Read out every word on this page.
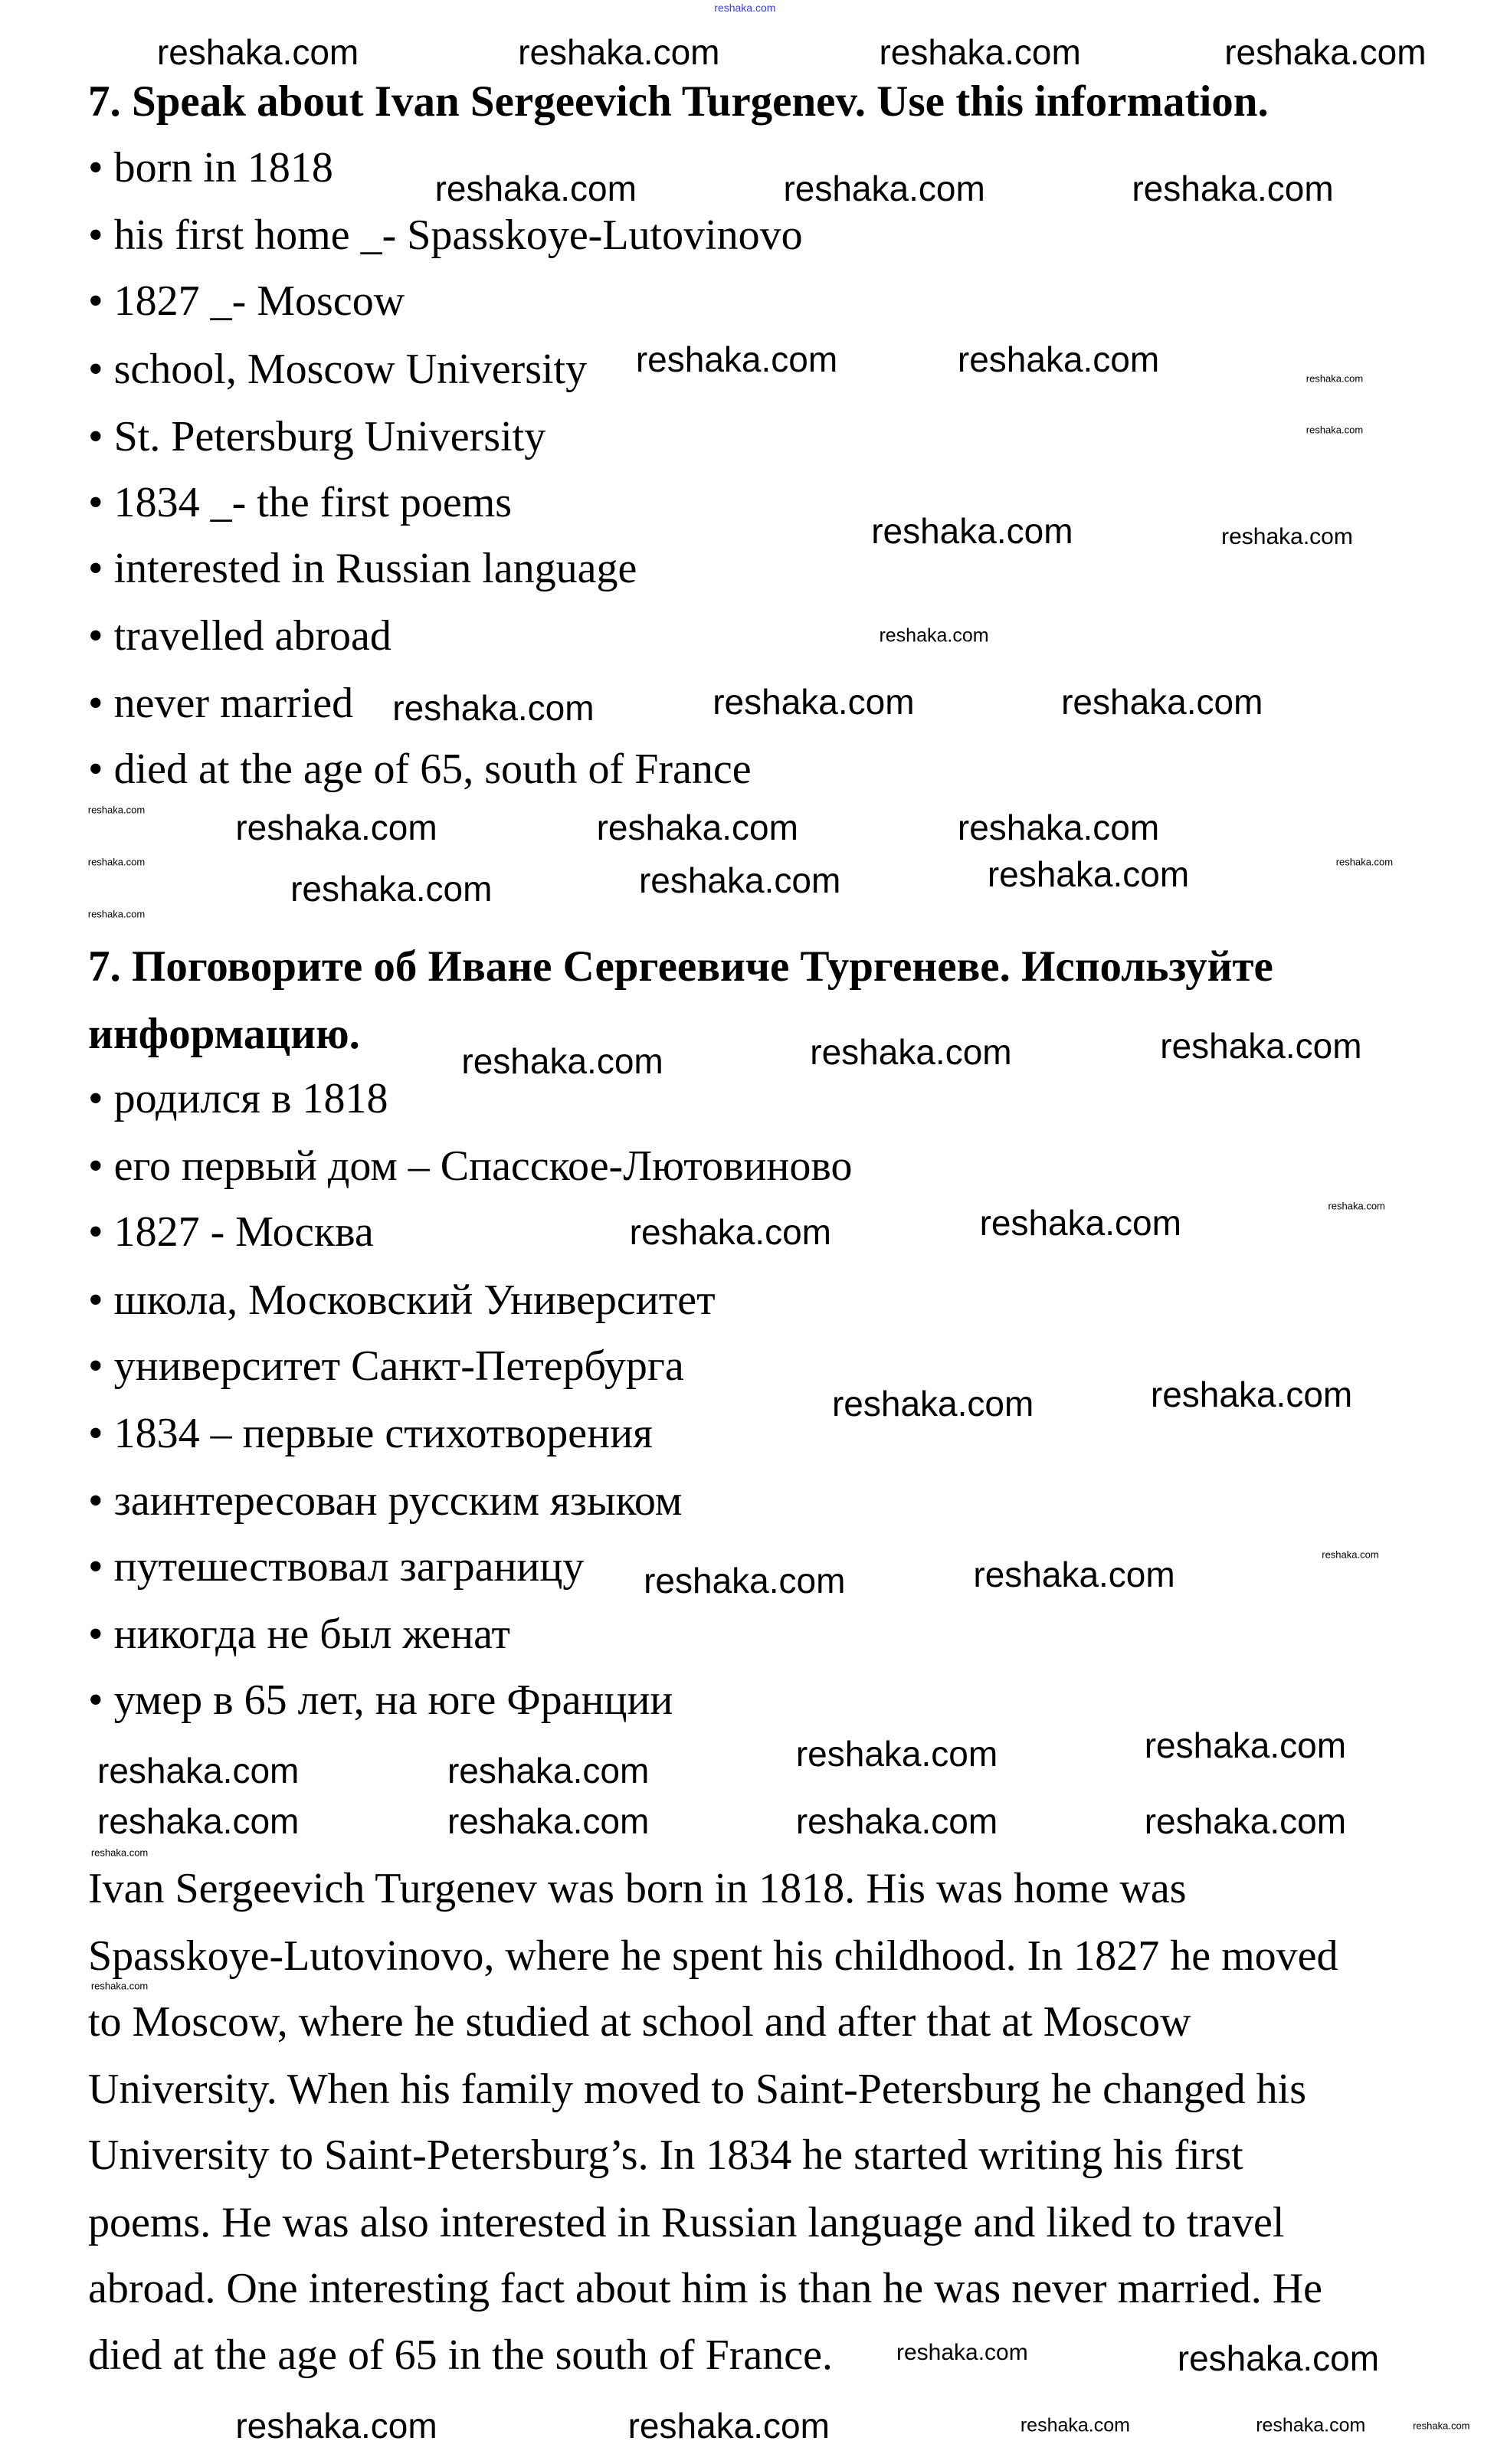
7. Speak about Ivan Sergeevich Turgenev. Use this information.
• born in 1818
• his first home _- Spasskoye-Lutovinovo
• 1827 _- Moscow
• school, Moscow University
• St. Petersburg University
• 1834 _- the first poems
• interested in Russian language
• travelled abroad
• never married
• died at the age of 65, south of France
7. Поговорите об Иване Сергеевиче Тургеневе. Используйте
информацию.
• родился в 1818
• его первый дом – Спасское-Лютовиново
• 1827 - Москва
• школа, Московский Университет
• университет Санкт-Петербурга
• 1834 – первые стихотворения
• заинтересован русским языком
• путешествовал заграницу
• никогда не был женат
• умер в 65 лет, на юге Франции
Ivan Sergeevich Turgenev was born in 1818. His was home was
Spasskoye-Lutovinovo, where he spent his childhood. In 1827 he moved
to Moscow, where he studied at school and after that at Moscow
University. When his family moved to Saint-Petersburg he changed his
University to Saint-Petersburg’s. In 1834 he started writing his first
poems. He was also interested in Russian language and liked to travel
abroad. One interesting fact about him is than he was never married. He
died at the age of 65 in the south of France.
reshaka.com
reshaka.com	reshaka.com	reshaka.com	reshaka.com
reshaka.com	reshaka.com	reshaka.com
reshaka.com	reshaka.com
reshaka.com
reshaka.com	reshaka.com	reshaka.com
reshaka.com	reshaka.com	reshaka.com
reshaka.com	reshaka.com	reshaka.com
reshaka.com	reshaka.com	reshaka.com
reshaka.com	reshaka.com
reshaka.com	reshaka.com
reshaka.com	reshaka.com
reshaka.com	reshaka.com	reshaka.com	reshaka.com
reshaka.com	reshaka.com	reshaka.com	reshaka.com
reshaka.com
reshaka.com	reshaka.com
reshaka.com
reshaka.com
reshaka.com	reshaka.com
reshaka.com
reshaka.com
reshaka.com
reshaka.com
reshaka.com
reshaka.com
reshaka.com
reshaka.com
reshaka.com
reshaka.com
reshaka.com
reshaka.com
